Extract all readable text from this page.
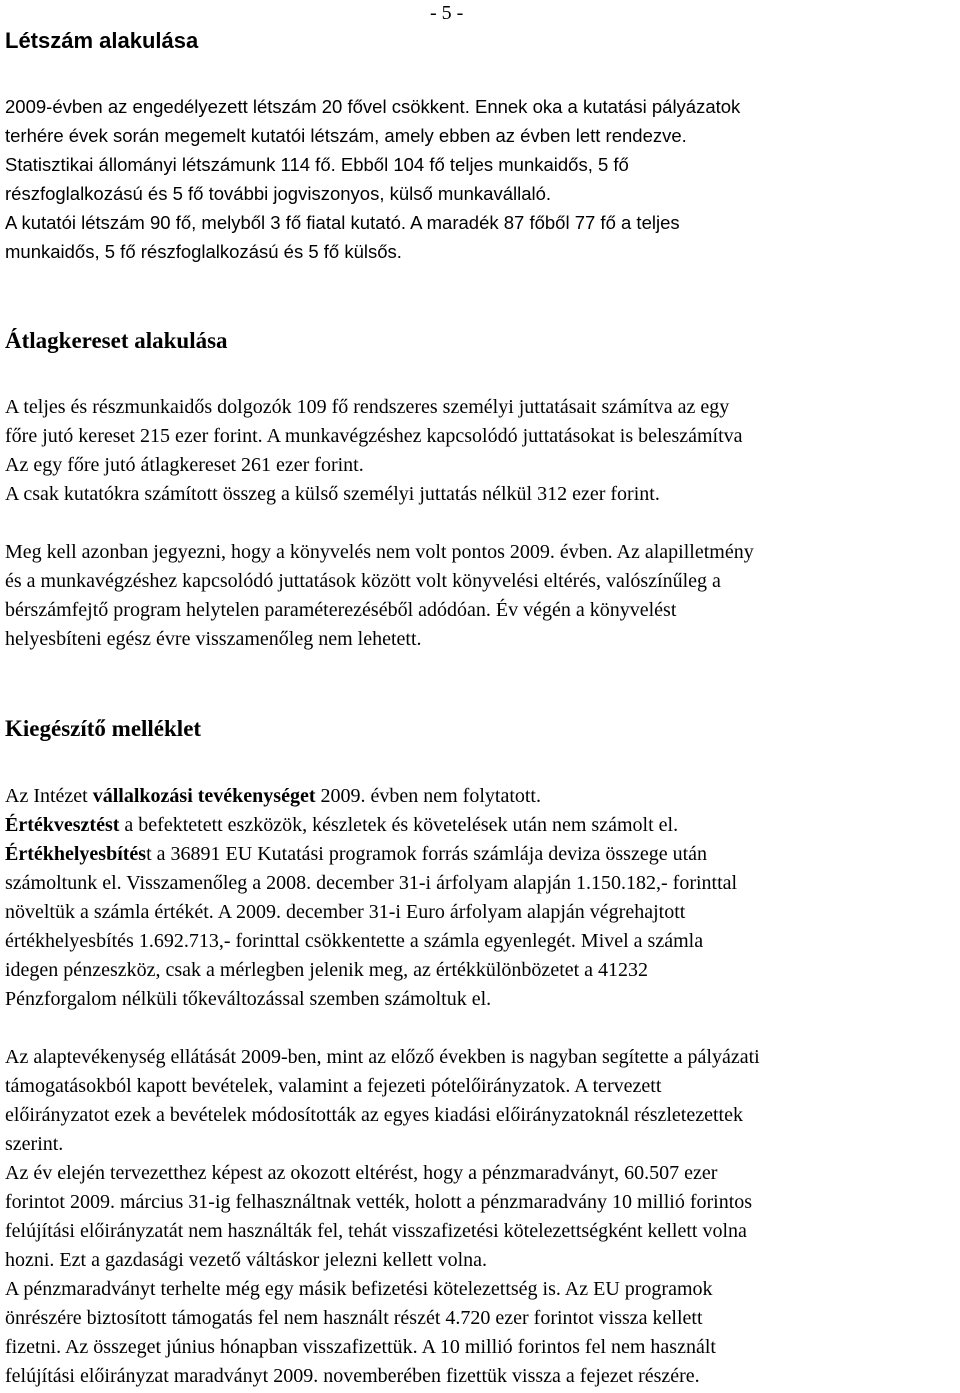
- 5 -
Létszám alakulása
2009-évben az engedélyezett létszám 20 fővel csökkent. Ennek oka a kutatási pályázatok
terhére évek során megemelt kutatói létszám, amely ebben az évben lett rendezve.
Statisztikai állományi létszámunk 114 fő. Ebből 104 fő teljes munkaidős, 5 fő
részfoglalkozású és 5 fő további jogviszonyos, külső munkavállaló.
A kutatói létszám 90 fő, melyből 3 fő fiatal kutató. A maradék 87 főből 77 fő a teljes
munkaidős, 5 fő részfoglalkozású és 5 fő külsős.
Átlagkereset alakulása
A teljes és részmunkaidős dolgozók 109 fő rendszeres személyi juttatásait számítva az egy
főre jutó kereset 215 ezer forint. A munkavégzéshez kapcsolódó juttatásokat is beleszámítva
Az egy főre jutó átlagkereset 261 ezer forint.
A csak kutatókra számított összeg a külső személyi juttatás nélkül 312 ezer forint.
Meg kell azonban jegyezni, hogy a könyvelés nem volt pontos 2009. évben. Az alapilletmény
és a munkavégzéshez kapcsolódó juttatások között volt könyvelési eltérés, valószínűleg a
bérszámfejtő program helytelen paraméterezéséből adódóan. Év végén a könyvelést
helyesbíteni egész évre visszamenőleg nem lehetett.
Kiegészítő melléklet
Az Intézet vállalkozási tevékenységet 2009. évben nem folytatott.
Értékvesztést a befektetett eszközök, készletek és követelések után nem számolt el.
Értékhelyesbítést a 36891 EU Kutatási programok forrás számlája deviza összege után
számoltunk el. Visszamenőleg a 2008. december 31-i árfolyam alapján 1.150.182,- forinttal
növeltük a számla értékét. A 2009. december 31-i Euro árfolyam alapján végrehajtott
értékhelyesbítés 1.692.713,- forinttal csökkentette a számla egyenlegét. Mivel a számla
idegen pénzeszköz, csak a mérlegben jelenik meg, az értékkülönbözetet a 41232
Pénzforgalom nélküli tőkeváltozással szemben számoltuk el.
Az alaptevékenység ellátását 2009-ben, mint az előző években is nagyban segítette a pályázati
támogatásokból kapott bevételek, valamint a fejezeti pótelőirányzatok. A tervezett
előirányzatot ezek a bevételek módosították az egyes kiadási előirányzatoknál részletezettek
szerint.
Az év elején tervezetthez képest az okozott eltérést, hogy a pénzmaradványt, 60.507 ezer
forintot 2009. március 31-ig felhasználtnak vették, holott a pénzmaradvány 10 millió forintos
felújítási előirányzatát nem használták fel, tehát visszafizetési kötelezettségként kellett volna
hozni. Ezt a gazdasági vezető váltáskor jelezni kellett volna.
A pénzmaradványt terhelte még egy másik befizetési kötelezettség is. Az EU programok
önrészére biztosított támogatás fel nem használt részét 4.720 ezer forintot vissza kellett
fizetni. Az összeget június hónapban visszafizettük. A 10 millió forintos fel nem használt
felújítási előirányzat maradványt 2009. novemberében fizettük vissza a fejezet részére.
